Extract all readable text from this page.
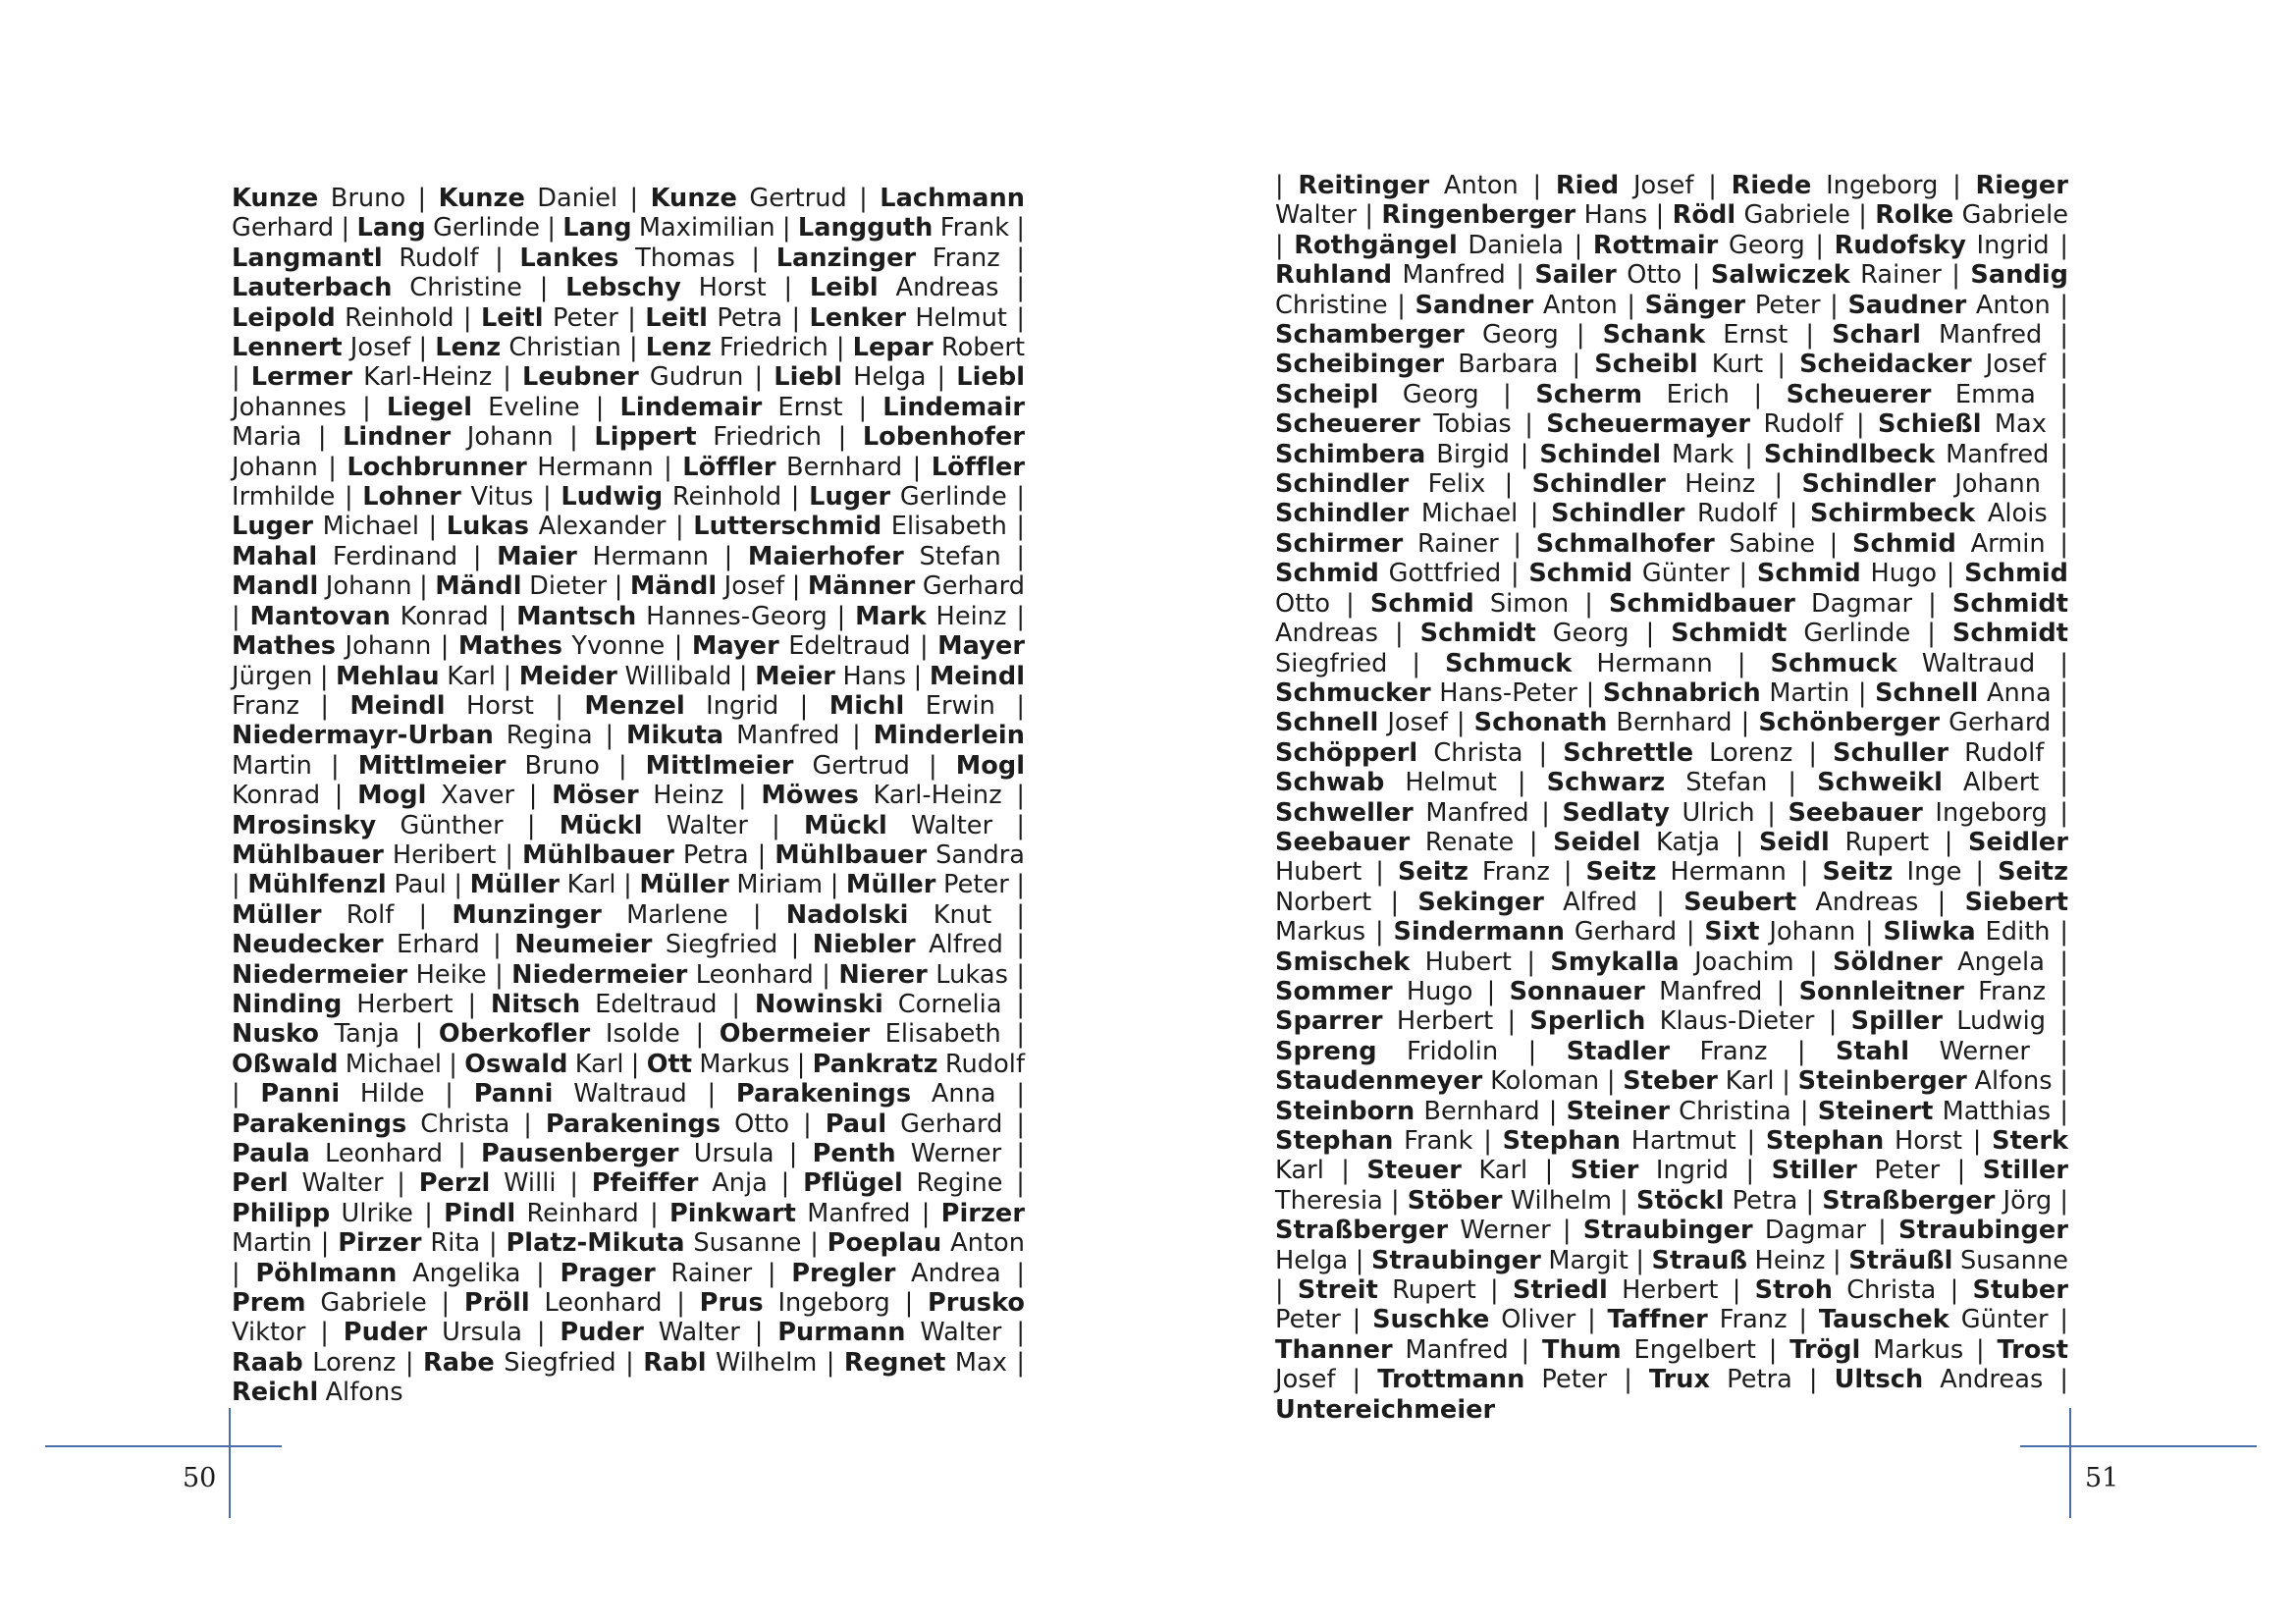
Kunze Bruno | Kunze Daniel | Kunze Gertrud | Lachmann Gerhard | Lang Gerlinde | Lang Maximilian | Langguth Frank | Langmantl Rudolf | Lankes Thomas | Lanzinger Franz | Lauterbach Christine | Lebschy Horst | Leibl Andreas | Leipold Reinhold | Leitl Peter | Leitl Petra | Lenker Helmut | Lennert Josef | Lenz Christian | Lenz Friedrich | Lepar Robert | Lermer Karl-Heinz | Leubner Gudrun | Liebl Helga | Liebl Johannes | Liegel Eveline | Lindemair Ernst | Lindemair Maria | Lindner Johann | Lippert Friedrich | Lobenhofer Johann | Lochbrunner Hermann | Löffler Bernhard | Löffler Irmhilde | Lohner Vitus | Ludwig Reinhold | Luger Gerlinde | Luger Michael | Lukas Alexander | Lutterschmid Elisabeth | Mahal Ferdinand | Maier Hermann | Maierhofer Stefan | Mandl Johann | Mändl Dieter | Mändl Josef | Männer Gerhard | Mantovan Konrad | Mantsch Hannes-Georg | Mark Heinz | Mathes Johann | Mathes Yvonne | Mayer Edeltraud | Mayer Jürgen | Mehlau Karl | Meider Willibald | Meier Hans | Meindl Franz | Meindl Horst | Menzel Ingrid | Michl Erwin | Niedermayr-Urban Regina | Mikuta Manfred | Minderlein Martin | Mittlmeier Bruno | Mittlmeier Gertrud | Mogl Konrad | Mogl Xaver | Möser Heinz | Möwes Karl-Heinz | Mrosinsky Günther | Mückl Walter | Mückl Walter | Mühlbauer Heribert | Mühlbauer Petra | Mühlbauer Sandra | Mühlfenzl Paul | Müller Karl | Müller Miriam | Müller Peter | Müller Rolf | Munzinger Marlene | Nadolski Knut | Neudecker Erhard | Neumeier Siegfried | Niebler Alfred | Niedermeier Heike | Niedermeier Leonhard | Nierer Lukas | Ninding Herbert | Nitsch Edeltraud | Nowinski Cornelia | Nusko Tanja | Oberkofler Isolde | Obermeier Elisabeth | Oßwald Michael | Oswald Karl | Ott Markus | Pankratz Rudolf | Panni Hilde | Panni Waltraud | Parakenings Anna | Parakenings Christa | Parakenings Otto | Paul Gerhard | Paula Leonhard | Pausenberger Ursula | Penth Werner | Perl Walter | Perzl Willi | Pfeiffer Anja | Pflügel Regine | Philipp Ulrike | Pindl Reinhard | Pinkwart Manfred | Pirzer Martin | Pirzer Rita | Platz-Mikuta Susanne | Poeplau Anton | Pöhlmann Angelika | Prager Rainer | Pregler Andrea | Prem Gabriele | Pröll Leonhard | Prus Ingeborg | Prusko Viktor | Puder Ursula | Puder Walter | Purmann Walter | Raab Lorenz | Rabe Siegfried | Rabl Wilhelm | Regnet Max | Reichl Alfons
50
| Reitinger Anton | Ried Josef | Riede Ingeborg | Rieger Walter | Ringenberger Hans | Rödl Gabriele | Rolke Gabriele | Rothgängel Daniela | Rottmair Georg | Rudofsky Ingrid | Ruhland Manfred | Sailer Otto | Salwiczek Rainer | Sandig Christine | Sandner Anton | Sänger Peter | Saudner Anton | Schamberger Georg | Schank Ernst | Scharl Manfred | Scheibinger Barbara | Scheibl Kurt | Scheidacker Josef | Scheipl Georg | Scherm Erich | Scheuerer Emma | Scheuerer Tobias | Scheuermayer Rudolf | Schießl Max | Schimbera Birgid | Schindel Mark | Schindlbeck Manfred | Schindler Felix | Schindler Heinz | Schindler Johann | Schindler Michael | Schindler Rudolf | Schirmbeck Alois | Schirmer Rainer | Schmalhofer Sabine | Schmid Armin | Schmid Gottfried | Schmid Günter | Schmid Hugo | Schmid Otto | Schmid Simon | Schmidbauer Dagmar | Schmidt Andreas | Schmidt Georg | Schmidt Gerlinde | Schmidt Siegfried | Schmuck Hermann | Schmuck Waltraud | Schmucker Hans-Peter | Schnabrich Martin | Schnell Anna | Schnell Josef | Schonath Bernhard | Schönberger Gerhard | Schöpperl Christa | Schrettle Lorenz | Schuller Rudolf | Schwab Helmut | Schwarz Stefan | Schweikl Albert | Schweller Manfred | Sedlaty Ulrich | Seebauer Ingeborg | Seebauer Renate | Seidel Katja | Seidl Rupert | Seidler Hubert | Seitz Franz | Seitz Hermann | Seitz Inge | Seitz Norbert | Sekinger Alfred | Seubert Andreas | Siebert Markus | Sindermann Gerhard | Sixt Johann | Sliwka Edith | Smischek Hubert | Smykalla Joachim | Söldner Angela | Sommer Hugo | Sonnauer Manfred | Sonnleitner Franz | Sparrer Herbert | Sperlich Klaus-Dieter | Spiller Ludwig | Spreng Fridolin | Stadler Franz | Stahl Werner | Staudenmeyer Koloman | Steber Karl | Steinberger Alfons | Steinborn Bernhard | Steiner Christina | Steinert Matthias | Stephan Frank | Stephan Hartmut | Stephan Horst | Sterk Karl | Steuer Karl | Stier Ingrid | Stiller Peter | Stiller Theresia | Stöber Wilhelm | Stöckl Petra | Straßberger Jörg | Straßberger Werner | Straubinger Dagmar | Straubinger Helga | Straubinger Margit | Strauß Heinz | Sträußl Susanne | Streit Rupert | Striedl Herbert | Stroh Christa | Stuber Peter | Suschke Oliver | Taffner Franz | Tauschek Günter | Thanner Manfred | Thum Engelbert | Trögl Markus | Trost Josef | Trottmann Peter | Trux Petra | Ultsch Andreas | Untereichmeier
51
